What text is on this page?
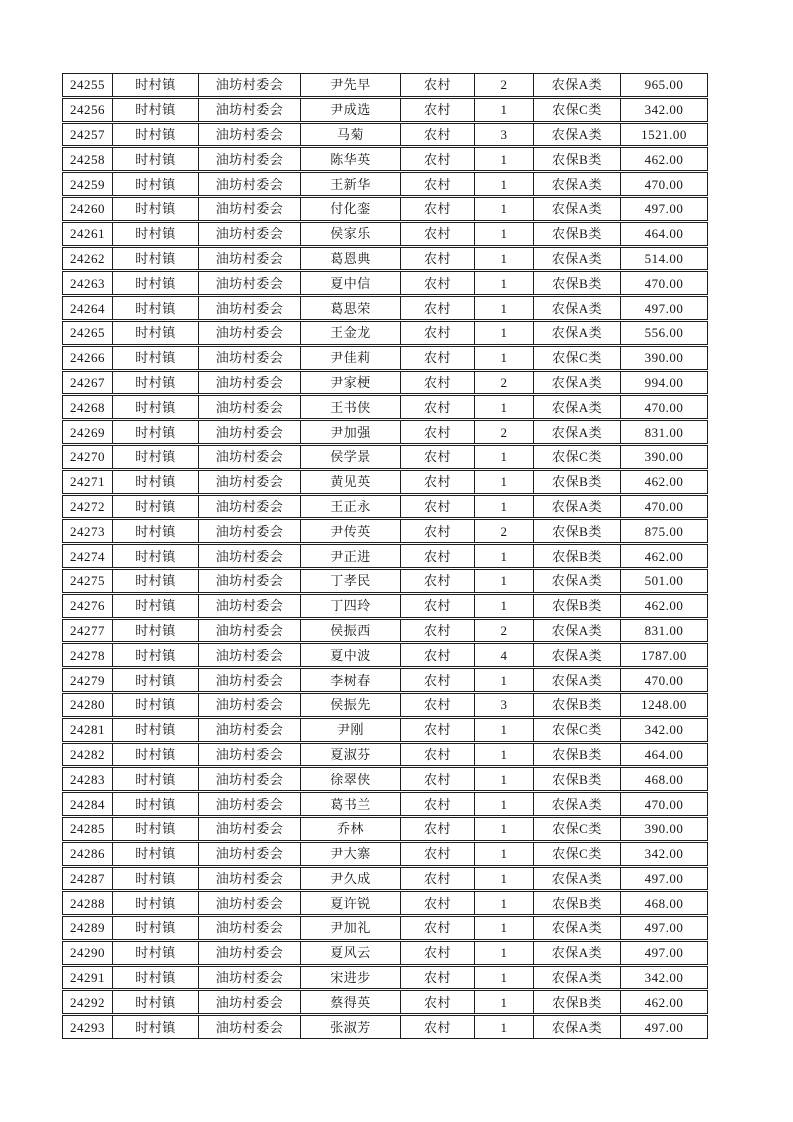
24255	时村镇	油坊村委会	尹先早	农村	2	农保A类	965.00
24256	时村镇	油坊村委会	尹成选	农村	1	农保C类	342.00
24257	时村镇	油坊村委会	马菊	农村	3	农保A类	1521.00
24258	时村镇	油坊村委会	陈华英	农村	1	农保B类	462.00
24259	时村镇	油坊村委会	王新华	农村	1	农保A类	470.00
24260	时村镇	油坊村委会	付化銮	农村	1	农保A类	497.00
24261	时村镇	油坊村委会	侯家乐	农村	1	农保B类	464.00
24262	时村镇	油坊村委会	葛恩典	农村	1	农保A类	514.00
24263	时村镇	油坊村委会	夏中信	农村	1	农保B类	470.00
24264	时村镇	油坊村委会	葛思荣	农村	1	农保A类	497.00
24265	时村镇	油坊村委会	王金龙	农村	1	农保A类	556.00
24266	时村镇	油坊村委会	尹佳莉	农村	1	农保C类	390.00
24267	时村镇	油坊村委会	尹家梗	农村	2	农保A类	994.00
24268	时村镇	油坊村委会	王书侠	农村	1	农保A类	470.00
24269	时村镇	油坊村委会	尹加强	农村	2	农保A类	831.00
24270	时村镇	油坊村委会	侯学景	农村	1	农保C类	390.00
24271	时村镇	油坊村委会	黄见英	农村	1	农保B类	462.00
24272	时村镇	油坊村委会	王正永	农村	1	农保A类	470.00
24273	时村镇	油坊村委会	尹传英	农村	2	农保B类	875.00
24274	时村镇	油坊村委会	尹正进	农村	1	农保B类	462.00
24275	时村镇	油坊村委会	丁孝民	农村	1	农保A类	501.00
24276	时村镇	油坊村委会	丁四玲	农村	1	农保B类	462.00
24277	时村镇	油坊村委会	侯振西	农村	2	农保A类	831.00
24278	时村镇	油坊村委会	夏中波	农村	4	农保A类	1787.00
24279	时村镇	油坊村委会	李树春	农村	1	农保A类	470.00
24280	时村镇	油坊村委会	侯振先	农村	3	农保B类	1248.00
24281	时村镇	油坊村委会	尹刚	农村	1	农保C类	342.00
24282	时村镇	油坊村委会	夏淑芬	农村	1	农保B类	464.00
24283	时村镇	油坊村委会	徐翠侠	农村	1	农保B类	468.00
24284	时村镇	油坊村委会	葛书兰	农村	1	农保A类	470.00
24285	时村镇	油坊村委会	乔林	农村	1	农保C类	390.00
24286	时村镇	油坊村委会	尹大寨	农村	1	农保C类	342.00
24287	时村镇	油坊村委会	尹久成	农村	1	农保A类	497.00
24288	时村镇	油坊村委会	夏许锐	农村	1	农保B类	468.00
24289	时村镇	油坊村委会	尹加礼	农村	1	农保A类	497.00
24290	时村镇	油坊村委会	夏风云	农村	1	农保A类	497.00
24291	时村镇	油坊村委会	宋进步	农村	1	农保A类	342.00
24292	时村镇	油坊村委会	蔡得英	农村	1	农保B类	462.00
24293	时村镇	油坊村委会	张淑芳	农村	1	农保A类	497.00
